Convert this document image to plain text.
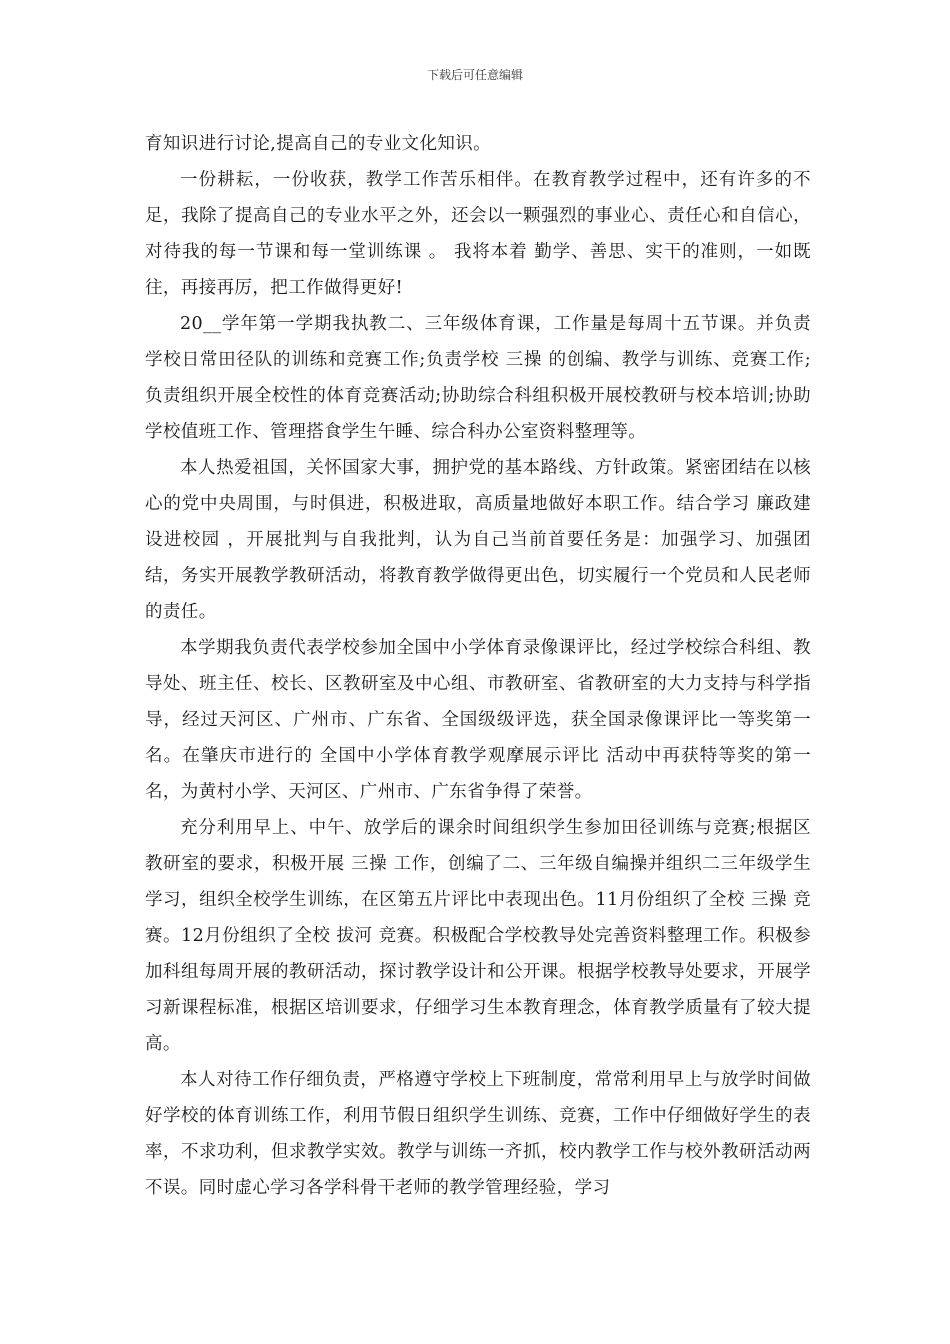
下载后可任意编辑

育知识进行讨论,提高自己的专业文化知识。

一份耕耘，一份收获，教学工作苦乐相伴。在教育教学过程中，还有许多的不足，我除了提高自己的专业水平之外，还会以一颗强烈的事业心、责任心和自信心，对待我的每一节课和每一堂训练课 。 我将本着 勤学、善思、实干的准则，一如既往，再接再厉，把工作做得更好!

20__学年第一学期我执教二、三年级体育课，工作量是每周十五节课。并负责学校日常田径队的训练和竞赛工作;负责学校 三操 的创编、教学与训练、竞赛工作;负责组织开展全校性的体育竞赛活动;协助综合科组积极开展校教研与校本培训;协助学校值班工作、管理搭食学生午睡、综合科办公室资料整理等。

本人热爱祖国，关怀国家大事，拥护党的基本路线、方针政策。紧密团结在以核心的党中央周围，与时俱进，积极进取，高质量地做好本职工作。结合学习 廉政建设进校园 ，开展批判与自我批判，认为自己当前首要任务是：加强学习、加强团结，务实开展教学教研活动，将教育教学做得更出色，切实履行一个党员和人民老师的责任。

本学期我负责代表学校参加全国中小学体育录像课评比，经过学校综合科组、教导处、班主任、校长、区教研室及中心组、市教研室、省教研室的大力支持与科学指导，经过天河区、广州市、广东省、全国级级评选，获全国录像课评比一等奖第一名。在肇庆市进行的 全国中小学体育教学观摩展示评比 活动中再获特等奖的第一名，为黄村小学、天河区、广州市、广东省争得了荣誉。

充分利用早上、中午、放学后的课余时间组织学生参加田径训练与竞赛;根据区教研室的要求，积极开展 三操 工作，创编了二、三年级自编操并组织二三年级学生学习，组织全校学生训练，在区第五片评比中表现出色。11月份组织了全校 三操 竞赛。12月份组织了全校 拔河 竞赛。积极配合学校教导处完善资料整理工作。积极参加科组每周开展的教研活动，探讨教学设计和公开课。根据学校教导处要求，开展学习新课程标准，根据区培训要求，仔细学习生本教育理念，体育教学质量有了较大提高。

本人对待工作仔细负责，严格遵守学校上下班制度，常常利用早上与放学时间做好学校的体育训练工作，利用节假日组织学生训练、竞赛，工作中仔细做好学生的表率，不求功利，但求教学实效。教学与训练一齐抓，校内教学工作与校外教研活动两不误。同时虚心学习各学科骨干老师的教学管理经验，学习
